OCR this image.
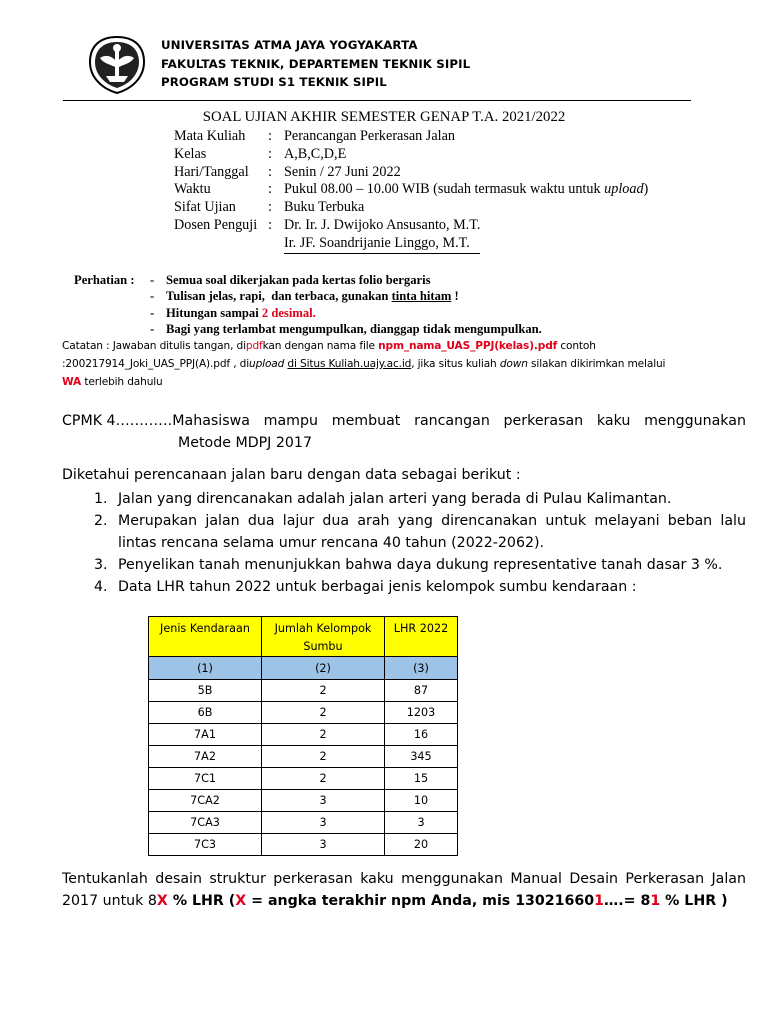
UNIVERSITAS ATMA JAYA YOGYAKARTA
FAKULTAS TEKNIK, DEPARTEMEN TEKNIK SIPIL
PROGRAM STUDI S1 TEKNIK SIPIL
SOAL UJIAN AKHIR SEMESTER GENAP T.A. 2021/2022
Mata Kuliah	: Perancangan Perkerasan Jalan
Kelas	: A,B,C,D,E
Hari/Tanggal	: Senin / 27 Juni 2022
Waktu	: Pukul 08.00 – 10.00 WIB (sudah termasuk waktu untuk upload )
Sifat Ujian	: Buku Terbuka
Dosen Penguji : Dr. Ir. J. Dwijoko Ansusanto, M.T.
Ir. JF. Soandrijanie Linggo, M.T.
Perhatian :	- Semua soal dikerjakan pada kertas folio bergaris
- Tulisan jelas, rapi,  dan terbaca, gunakan tinta hitam !
- Hitungan sampai 2 desimal.
- Bagi yang terlambat mengumpulkan, dianggap tidak mengumpulkan.
Catatan : Jawaban ditulis tangan, dipdfkan dengan nama file npm_nama_UAS_PPJ(kelas).pdf contoh
:200217914_Joki_UAS_PPJ(A).pdf , diupload di Situs Kuliah.uajy.ac.id, jika situs kuliah down silakan dikirimkan melalui
WA terlebih dahulu
CPMK 4…………Mahasiswa mampu membuat rancangan perkerasan kaku menggunakan
Metode MDPJ 2017
Diketahui perencanaan jalan baru dengan data sebagai berikut :
1. Jalan yang direncanakan adalah jalan arteri yang berada di Pulau Kalimantan.
2. Merupakan jalan dua lajur dua arah yang direncanakan untuk melayani beban lalu
lintas rencana selama umur rencana 40 tahun (2022-2062).
3. Penyelikan tanah menunjukkan bahwa daya dukung representative tanah dasar 3 %.
4. Data LHR tahun 2022 untuk berbagai jenis kelompok sumbu kendaraan :
Jenis Kendaraan	Jumlah Kelompok Sumbu	LHR 2022
(1)	(2)	(3)
5B	2	87
6B	2	1203
7A1	2	16
7A2	2	345
7C1	2	15
7CA2	3	10
7CA3	3	3
7C3	3	20
Tentukanlah desain struktur perkerasan kaku menggunakan Manual Desain Perkerasan Jalan
2017 untuk 8X % LHR (X = angka terakhir npm Anda, mis 130216601….= 81 % LHR )
